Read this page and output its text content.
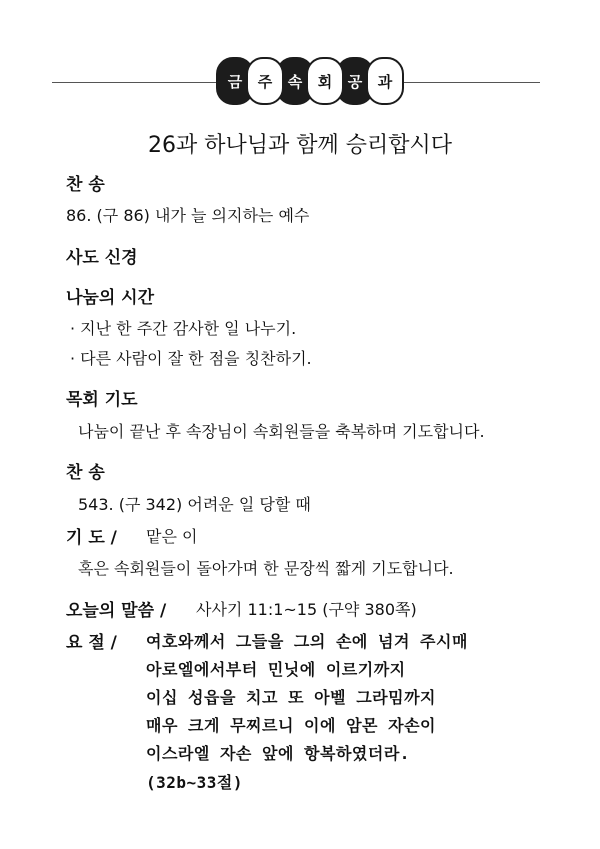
금	주	속	회	공	과
26과 하나님과 함께 승리합시다
찬 송
86. (구 86) 내가 늘 의지하는 예수
사도 신경
나눔의 시간
· 지난 한 주간 감사한 일 나누기.
· 다른 사람이 잘 한 점을 칭찬하기.
목회 기도
나눔이 끝난 후 속장님이 속회원들을 축복하며 기도합니다.
찬 송
543. (구 342) 어려운 일 당할 때
기 도 / 맡은 이
혹은 속회원들이 돌아가며 한 문장씩 짧게 기도합니다.
오늘의 말씀 / 사사기 11:1~15 (구약 380쪽)
요 절 / 여호와께서 그들을 그의 손에 넘겨 주시매
아로엘에서부터 민닛에 이르기까지
이십 성읍을 치고 또 아벨 그라밈까지
매우 크게 무찌르니 이에 암몬 자손이
이스라엘 자손 앞에 항복하였더라.
(32b~33절)
